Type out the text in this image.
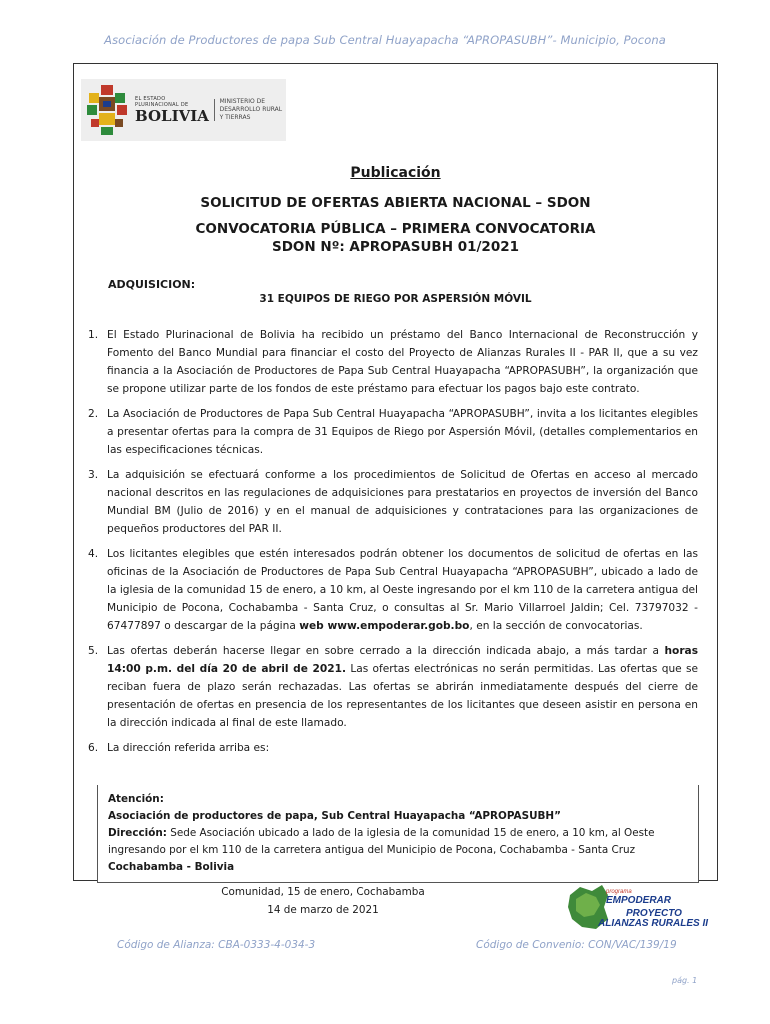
Asociación de Productores de papa Sub Central Huayapacha “APROPASUBH”- Municipio, Pocona
EL ESTADO PLURINACIONAL DE
BOLIVIA
MINISTERIO DE
DESARROLLO RURAL Y TIERRAS
Publicación
SOLICITUD DE OFERTAS ABIERTA NACIONAL – SDON
CONVOCATORIA PÚBLICA – PRIMERA CONVOCATORIA
SDON Nº: APROPASUBH 01/2021
ADQUISICION:
31 EQUIPOS DE RIEGO POR ASPERSIÓN MÓVIL
1. El Estado Plurinacional de Bolivia ha recibido un préstamo del Banco Internacional de Reconstrucción y Fomento del Banco Mundial para financiar el costo del Proyecto de Alianzas Rurales II - PAR II, que a su vez financia a la Asociación de Productores de Papa Sub Central Huayapacha “APROPASUBH”, la organización que se propone utilizar parte de los fondos de este préstamo para efectuar los pagos bajo este contrato.
2. La Asociación de Productores de Papa Sub Central Huayapacha “APROPASUBH”, invita a los licitantes elegibles a presentar ofertas para la compra de 31 Equipos de Riego por Aspersión Móvil, (detalles complementarios en las especificaciones técnicas.
3. La adquisición se efectuará conforme a los procedimientos de Solicitud de Ofertas en acceso al mercado nacional descritos en las regulaciones de adquisiciones para prestatarios en proyectos de inversión del Banco Mundial BM (Julio de 2016) y en el manual de adquisiciones y contrataciones para las organizaciones de pequeños productores del PAR II.
4. Los licitantes elegibles que estén interesados podrán obtener los documentos de solicitud de ofertas en las oficinas de la Asociación de Productores de Papa Sub Central Huayapacha “APROPASUBH”, ubicado a lado de la iglesia de la comunidad 15 de enero, a 10 km, al Oeste ingresando por el km 110 de la carretera antigua del Municipio de Pocona, Cochabamba - Santa Cruz, o consultas al Sr. Mario Villarroel Jaldin; Cel. 73797032 - 67477897 o descargar de la página web www.empoderar.gob.bo, en la sección de convocatorias.
5. Las ofertas deberán hacerse llegar en sobre cerrado a la dirección indicada abajo, a más tardar a horas 14:00 p.m. del día 20 de abril de 2021. Las ofertas electrónicas no serán permitidas. Las ofertas que se reciban fuera de plazo serán rechazadas. Las ofertas se abrirán inmediatamente después del cierre de presentación de ofertas en presencia de los representantes de los licitantes que deseen asistir en persona en la dirección indicada al final de este llamado.
6. La dirección referida arriba es:
Atención:
Asociación de productores de papa, Sub Central Huayapacha “APROPASUBH”
Dirección: Sede Asociación ubicado a lado de la iglesia de la comunidad 15 de enero, a 10 km, al Oeste ingresando por el km 110 de la carretera antigua del Municipio de Pocona, Cochabamba - Santa Cruz
Cochabamba - Bolivia
Comunidad, 15 de enero, Cochabamba
14 de marzo de 2021
programa
EMPODERAR
PROYECTO
ALIANZAS RURALES II
Código de Alianza: CBA-0333-4-034-3	Código de Convenio: CON/VAC/139/19
pág. 1
